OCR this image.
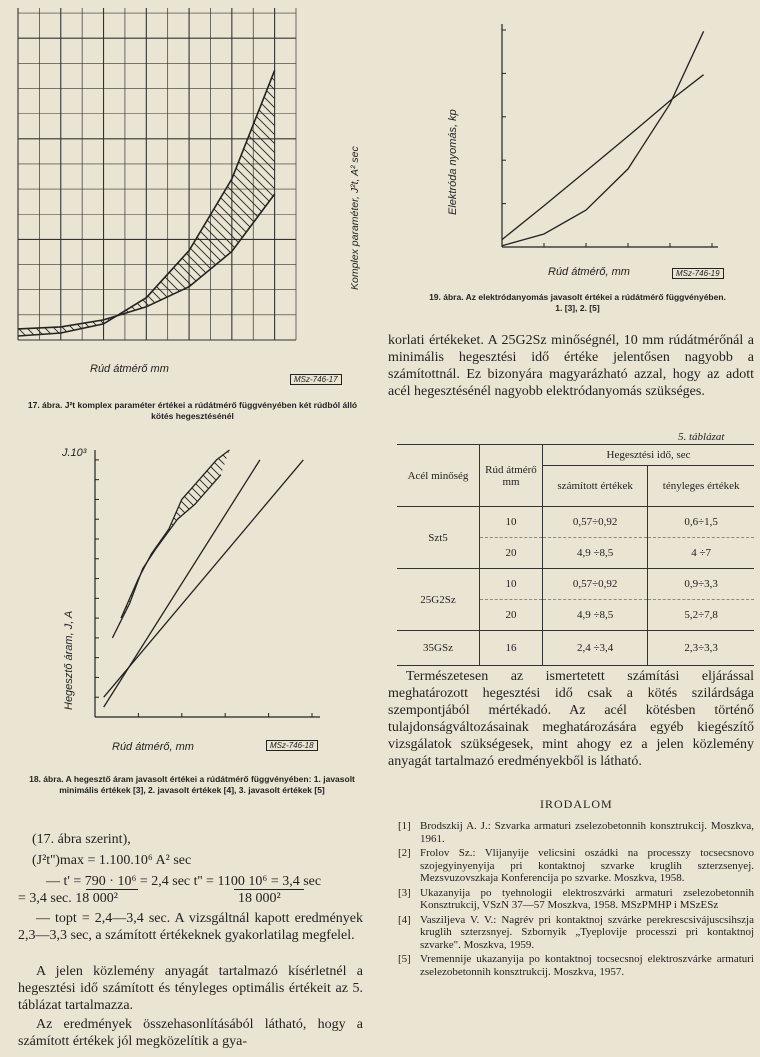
Rúd átmérő mm
Komplex paraméter, J²t, A² sec
MSz-746-17
17. ábra. J²t komplex paraméter értékei a rúdátmérő függvényében két rúdból álló kötés hegesztésénél
Rúd átmérő, mm
Elektróda nyomás, kp
MSz-746-19
19. ábra. Az elektródanyomás javasolt értékei a rúdátmérő függvényében. 1. [3], 2. [5]
korlati értékeket. A 25G2Sz minőségnél, 10 mm rúdátmérőnál a minimális hegesztési idő értéke jelentősen nagyobb a számítottnál. Ez bizonyára magyarázható azzal, hogy az adott acél hegesztésénél nagyobb elektródanyomás szükséges.
5. táblázat
Acél minőség	Rúd átmérő mm	Hegesztési idő, sec	
		számított értékek	tényleges értékek
Szt5	10	0,57÷0,92	0,6÷1,5
	20	4,9 ÷8,5	4 ÷7
25G2Sz	10	0,57÷0,92	0,9÷3,3
	20	4,9 ÷8,5	5,2÷7,8
35GSz	16	2,4 ÷3,4	2,3÷3,3
Természetesen az ismertetett számítási eljárással meghatározott hegesztési idő csak a kötés szilárdsága szempontjából mértékadó. Az acél kötésben történő tulajdonságváltozásainak meghatározására egyéb kiegészítő vizsgálatok szükségesek, mint ahogy ez a jelen közlemény anyagát tartalmazó eredményekből is látható.
IRODALOM
[1] Brodszkij A. J.: Szvarka armaturi zselezobetonnih konsztrukcij. Moszkva, 1961.
[2] Frolov Sz.: Vlijanyije velicsini oszádki na processzy tocsecsnovo szojegyinyenyija pri kontaktnoj szvarke kruglih szterzsenyej. Mezsvuzovszkaja Konferencija po szvarke. Moszkva, 1958.
[3] Ukazanyija po tyehnologii elektroszvárki armaturi zselezobetonnih Konsztrukcij, VSzN 37—57 Moszkva, 1958. MSzPMHP i MSzESz
[4] Vasziljeva V. V.: Nagrév pri kontaktnoj szvárke perekrescsivájuscsihszja kruglih szterzsnyej. Szbornyik „Tyeplovije processzi pri kontaktnoj szvarke". Moszkva, 1959.
[5] Vremennije ukazanyija po kontaktnoj tocsecsnoj elektroszvárke armaturi zselezobetonnih konsztrukcij. Moszkva, 1957.
Rúd átmérő, mm
Hegesztő áram, J, A
J.10³
MSz-746-18
18. ábra. A hegesztő áram javasolt értékei a rúdátmérő függvényében: 1. javasolt minimális értékek [3], 2. javasolt értékek [4], 3. javasolt értékek [5]
(17. ábra szerint),
(J²t'')max = 1.100.10⁶ A² sec
— t' = 790 · 10⁶ = 2,4 sec t'' = 1100 10⁶ = 3,4 sec
= 3,4 sec. 18 000²	18 000²
— topt = 2,4—3,4 sec. A vizsgáltnál kapott eredmények 2,3—3,3 sec, a számított értékeknek gyakorlatilag megfelel.
A jelen közlemény anyagát tartalmazó kísérletnél a hegesztési idő számított és tényleges optimális értékeit az 5. táblázat tartalmazza.
Az eredmények összehasonlításából látható, hogy a számított értékek jól megközelítik a gya-
